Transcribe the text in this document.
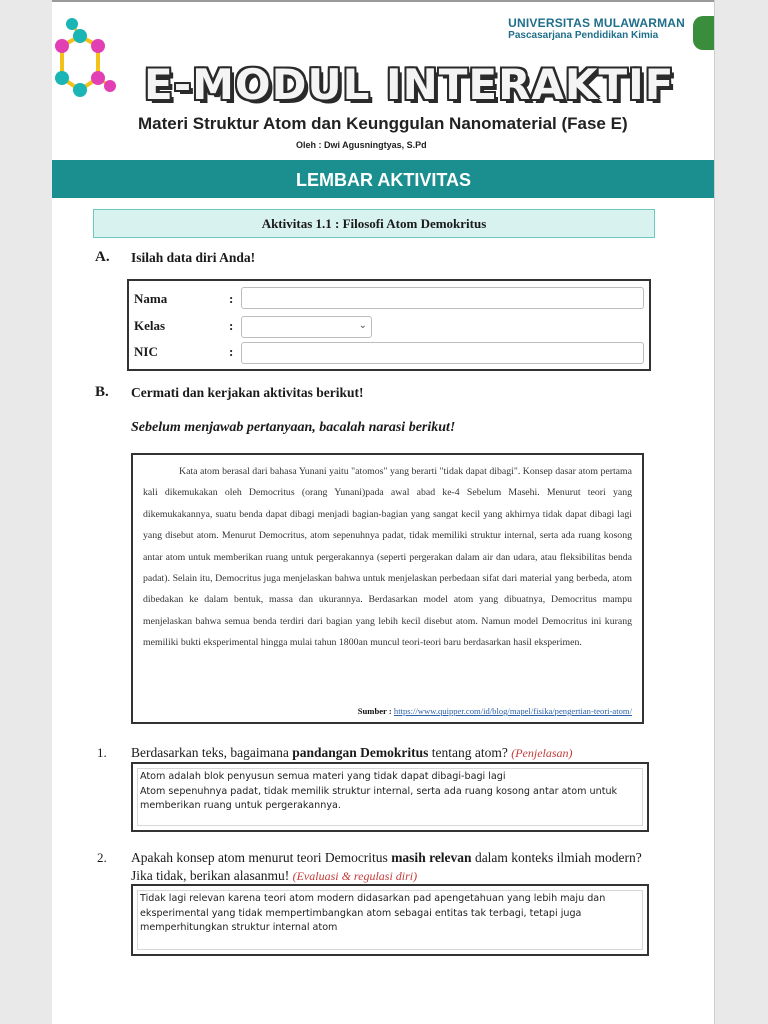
UNIVERSITAS MULAWARMAN
Pascasarjana Pendidikan Kimia
E-MODUL INTERAKTIF
Materi Struktur Atom dan Keunggulan Nanomaterial (Fase E)
Oleh : Dwi Agusningtyas, S.Pd
LEMBAR AKTIVITAS
Aktivitas 1.1 : Filosofi Atom Demokritus
A. Isilah data diri Anda!
Nama	:
Kelas	:	⌄
NIC	:
B. Cermati dan kerjakan aktivitas berikut!
Sebelum menjawab pertanyaan, bacalah narasi berikut!

Kata atom berasal dari bahasa Yunani yaitu "atomos" yang berarti "tidak dapat dibagi". Konsep dasar atom pertama kali dikemukakan oleh Democritus (orang Yunani)pada awal abad ke-4 Sebelum Masehi. Menurut teori yang dikemukakannya, suatu benda dapat dibagi menjadi bagian-bagian yang sangat kecil yang akhirnya tidak dapat dibagi lagi yang disebut atom. Menurut Democritus, atom sepenuhnya padat, tidak memiliki struktur internal, serta ada ruang kosong antar atom untuk memberikan ruang untuk pergerakannya (seperti pergerakan dalam air dan udara, atau fleksibilitas benda padat). Selain itu, Democritus juga menjelaskan bahwa untuk menjelaskan perbedaan sifat dari material yang berbeda, atom dibedakan ke dalam bentuk, massa dan ukurannya. Berdasarkan model atom yang dibuatnya, Democritus mampu menjelaskan bahwa semua benda terdiri dari bagian yang lebih kecil disebut atom. Namun model Democritus ini kurang memiliki bukti eksperimental hingga mulai tahun 1800an muncul teori-teori baru berdasarkan hasil eksperimen.

Sumber : https://www.quipper.com/id/blog/mapel/fisika/pengertian-teori-atom/
1. Berdasarkan teks, bagaimana pandangan Demokritus tentang atom? (Penjelasan)
Atom adalah blok penyusun semua materi yang tidak dapat dibagi-bagi lagi
Atom sepenuhnya padat, tidak memilik struktur internal, serta ada ruang kosong antar atom untuk memberikan ruang untuk pergerakannya.
2. Apakah konsep atom menurut teori Democritus masih relevan dalam konteks ilmiah modern? Jika tidak, berikan alasanmu! (Evaluasi & regulasi diri)
Tidak lagi relevan karena teori atom modern didasarkan pad apengetahuan yang lebih maju dan eksperimental yang tidak mempertimbangkan atom sebagai entitas tak terbagi, tetapi juga memperhitungkan struktur internal atom
